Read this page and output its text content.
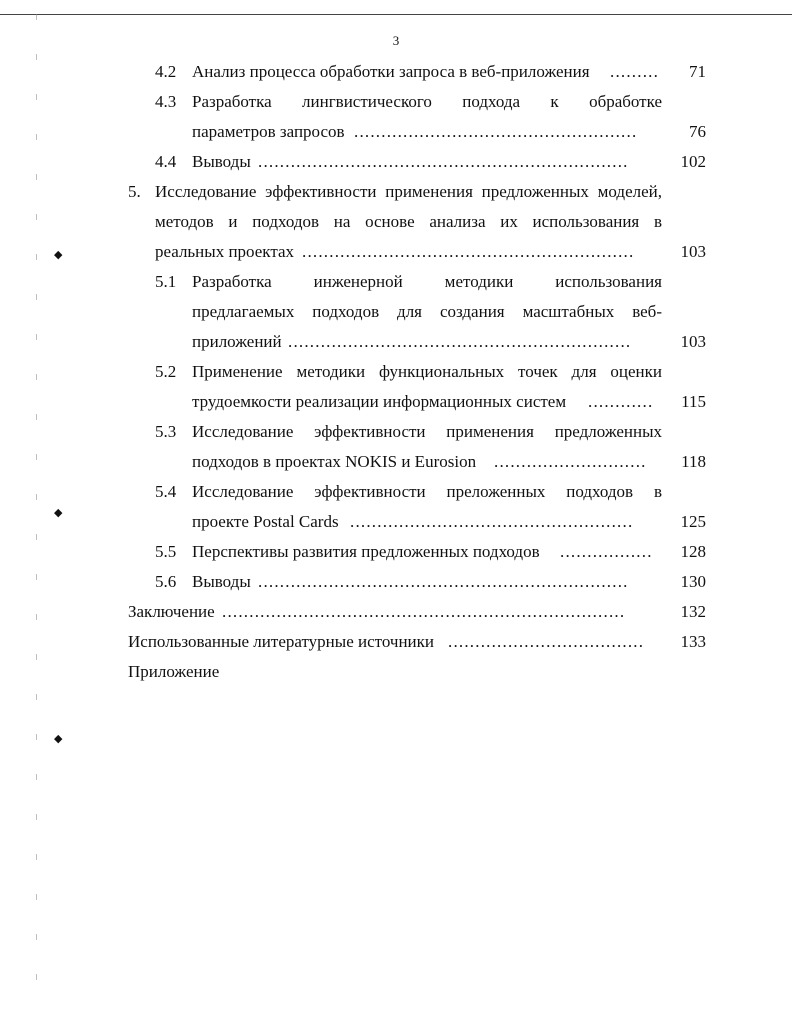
◆
◆
◆
3
4.2 Анализ процесса обработки запроса в веб-приложения ......... 71
4.3 Разработка лингвистического подхода к обработке
параметров запросов ....................................................	76
4.4 Выводы ....................................................................	102
5. Исследование эффективности применения предложенных моделей,
методов и подходов на основе анализа их использования в
реальных проектах .............................................................	103
5.1 Разработка инженерной методики использования
предлагаемых подходов для создания масштабных веб-
приложений ...............................................................	103
5.2 Применение методики функциональных точек для оценки
трудоемкости реализации информационных систем ............	115
5.3 Исследование эффективности применения предложенных
подходов в проектах NOKIS и Eurosion ............................	118
5.4 Исследование эффективности преложенных подходов в
проекте Postal Cards ....................................................	125
5.5 Перспективы развития предложенных подходов .................	128
5.6 Выводы ....................................................................	130
Заключение ..........................................................................	132
Использованные литературные источники ....................................	133
Приложение
